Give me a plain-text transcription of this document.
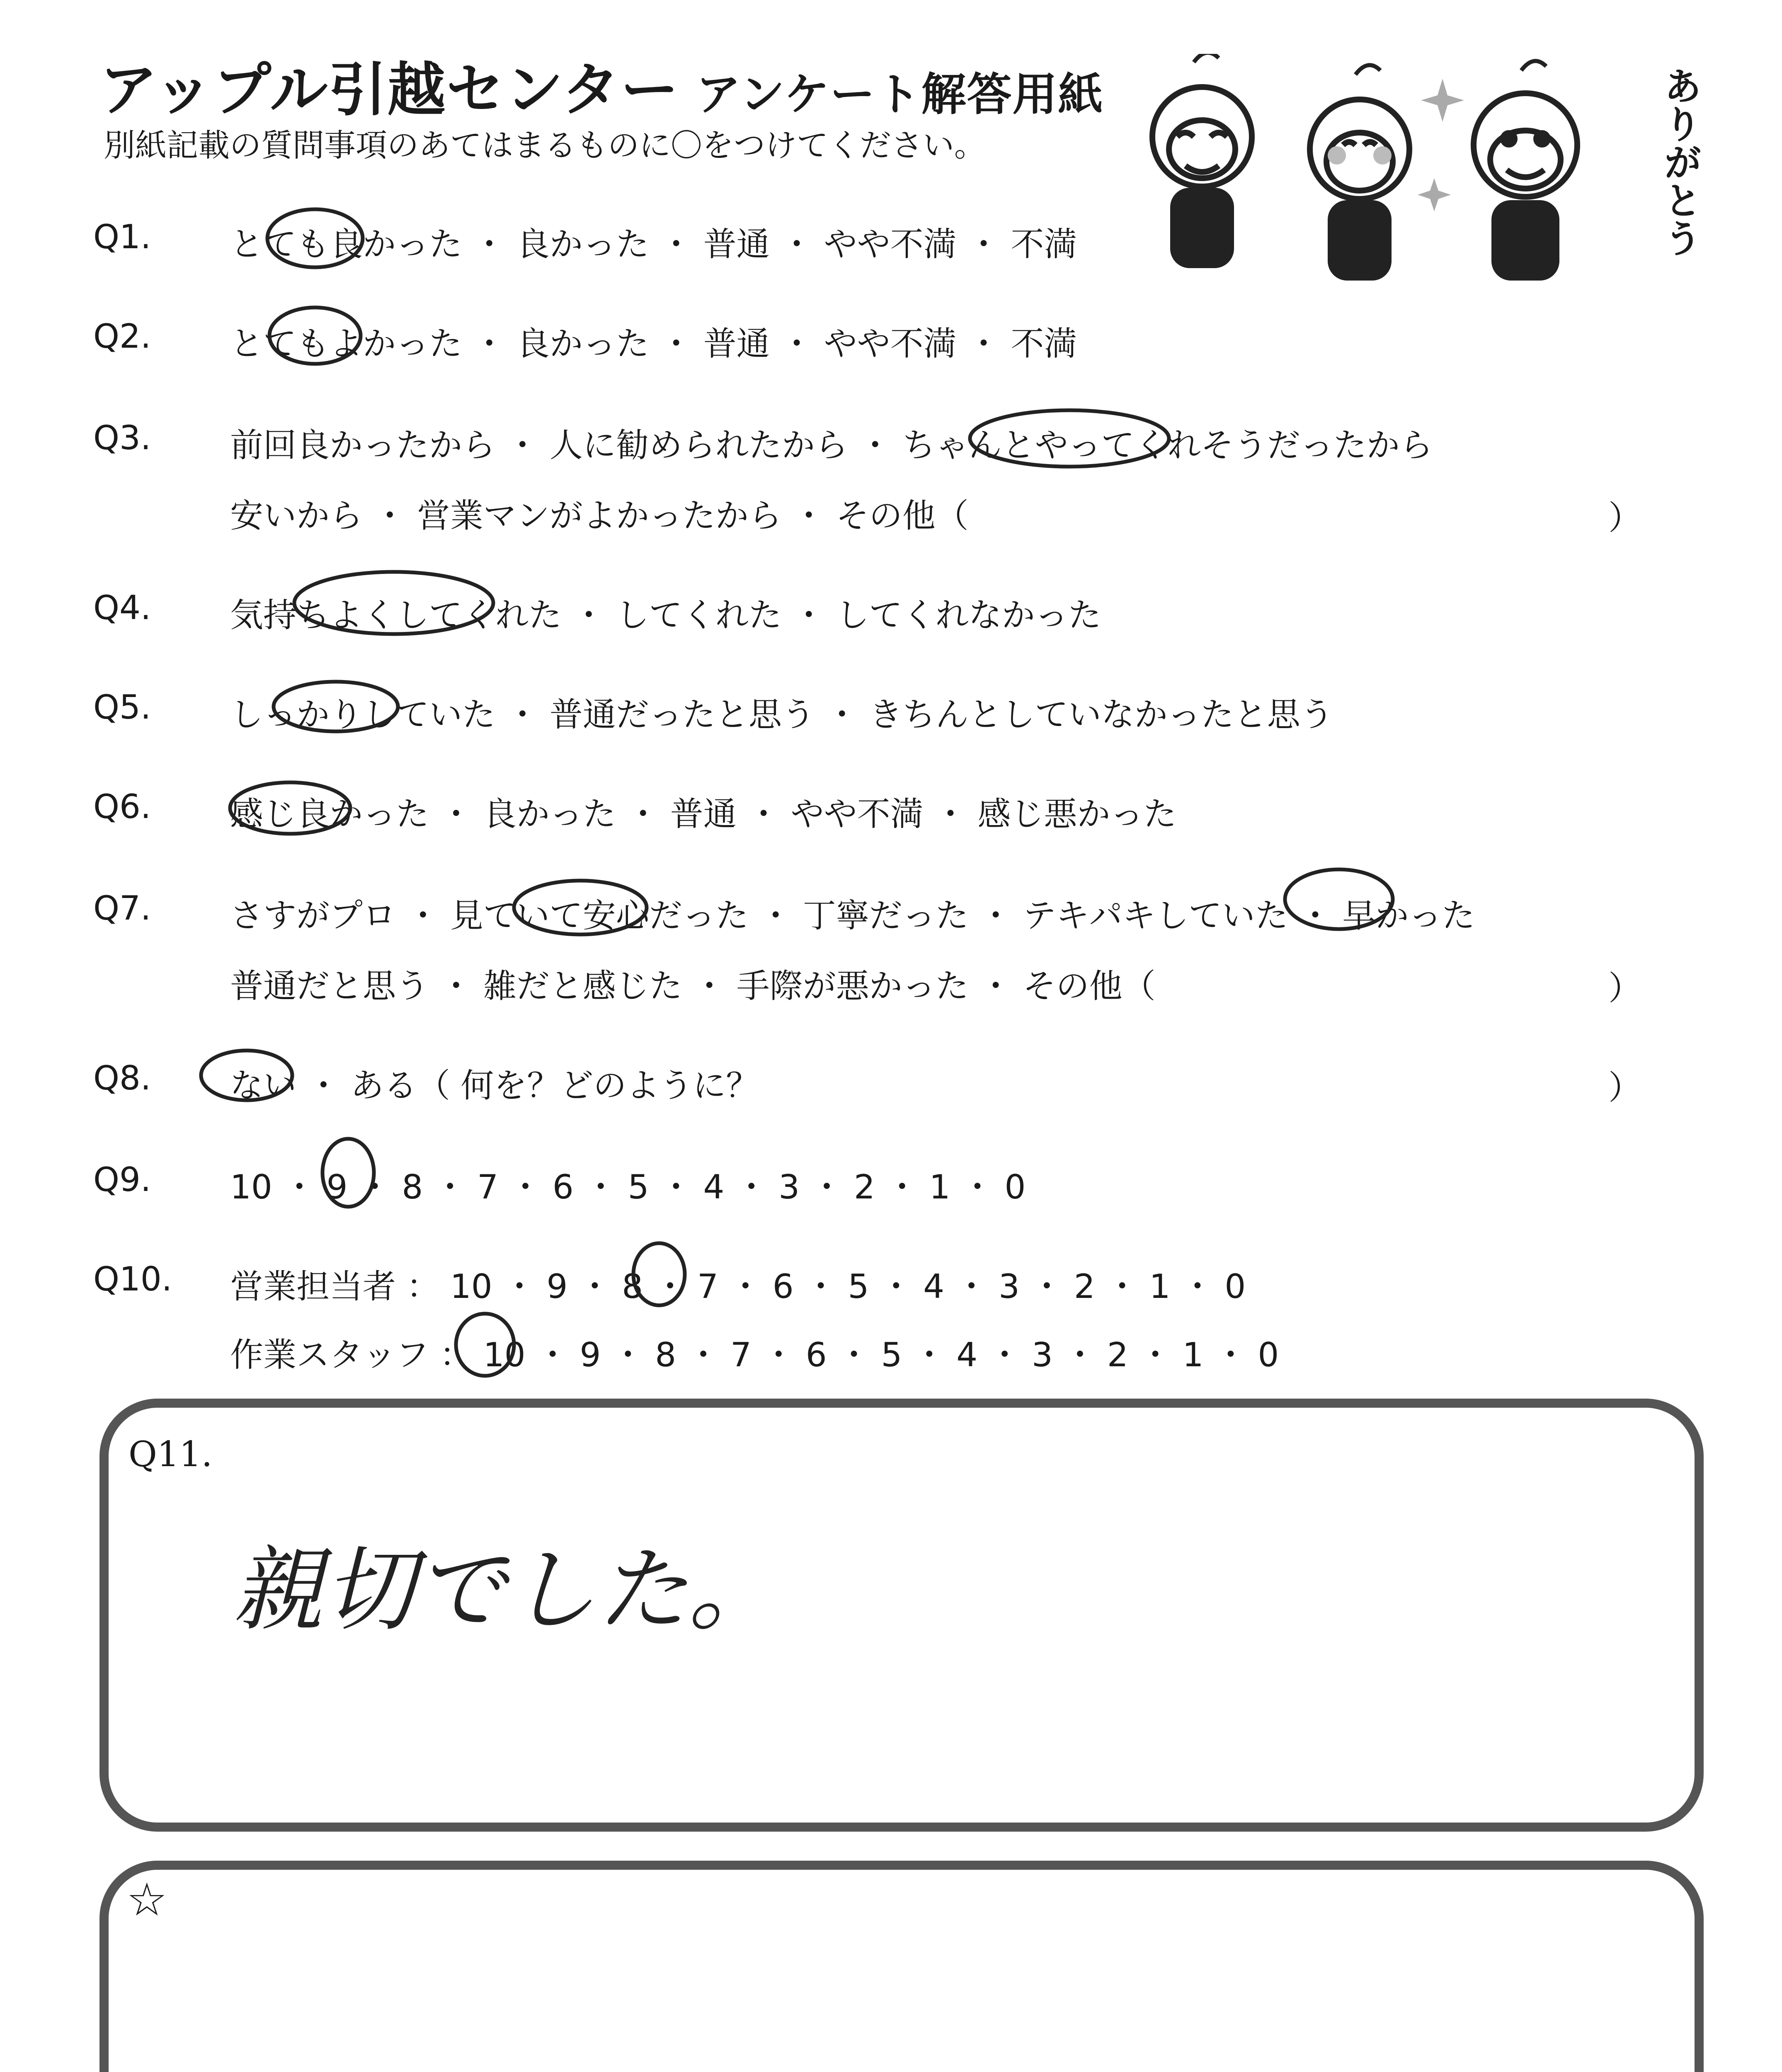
アップル引越センター アンケート解答用紙
別紙記載の質問事項のあてはまるものに〇をつけてください。	ありがとう
Q1. とても良かった ・ 良かった ・ 普通 ・ やや不満 ・ 不満
Q2. とてもよかった ・ 良かった ・ 普通 ・ やや不満 ・ 不満
Q3. 前回良かったから ・ 人に勧められたから ・ ちゃんとやってくれそうだったから
安いから ・ 営業マンがよかったから ・ その他（	）
Q4. 気持ちよくしてくれた ・ してくれた ・ してくれなかった
Q5. しっかりしていた ・ 普通だったと思う ・ きちんとしていなかったと思う
Q6. 感じ良かった ・ 良かった ・ 普通 ・ やや不満 ・ 感じ悪かった
Q7. さすがプロ ・ 見ていて安心だった ・ 丁寧だった ・ テキパキしていた ・ 早かった
普通だと思う ・ 雑だと感じた ・ 手際が悪かった ・ その他（	）
Q8. ない ・ ある（ 何を？どのように？	）
Q9. 10 ・ 9 ・ 8 ・ 7 ・ 6 ・ 5 ・ 4 ・ 3 ・ 2 ・ 1 ・ 0
Q10. 営業担当者 ： 10 ・ 9 ・ 8 ・ 7 ・ 6 ・ 5 ・ 4 ・ 3 ・ 2 ・ 1 ・ 0
作業スタッフ ： 10 ・ 9 ・ 8 ・ 7 ・ 6 ・ 5 ・ 4 ・ 3 ・ 2 ・ 1 ・ 0
Q11.
親切でした。
☆
